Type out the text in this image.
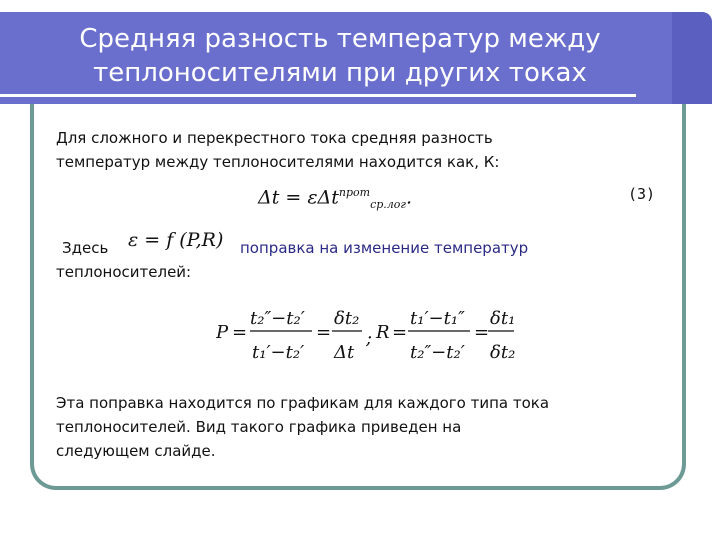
Средняя разность температур между
теплоносителями при других токах
Для сложного и перекрестного тока средняя разность
температур между теплоносителями находится как, К:
Δt = εΔt$^{прот}_{ср.лог}$.	(3)
Здесь ε = f (P,R) поправка на изменение температур
теплоносителей:
P =
t₂″−t₂′
t₁′−t₂′
=
δt₂
Δt
; R =
t₁′−t₁″
t₂″−t₂′
=
δt₁
δt₂
Эта поправка находится по графикам для каждого типа тока
теплоносителей. Вид такого графика приведен на
следующем слайде.
